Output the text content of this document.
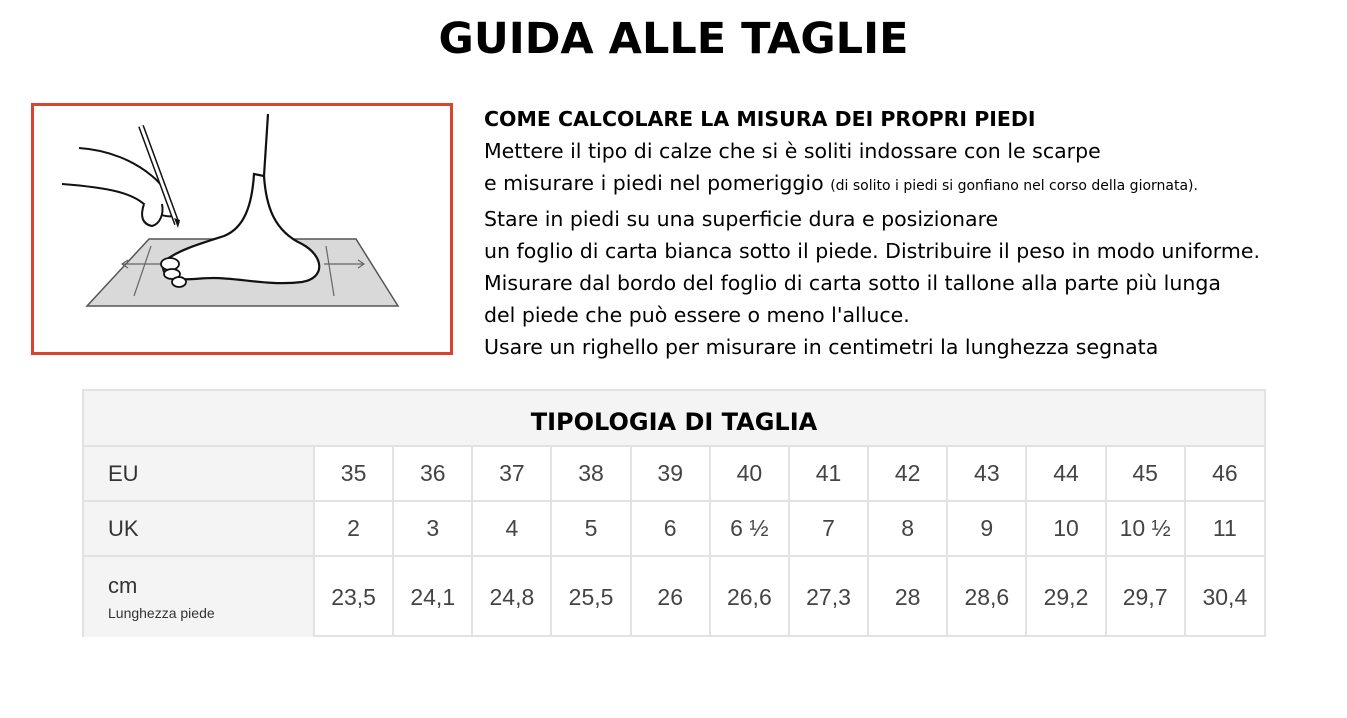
GUIDA ALLE TAGLIE
COME CALCOLARE LA MISURA DEI PROPRI PIEDI
Mettere il tipo di calze che si è soliti indossare con le scarpe
e misurare i piedi nel pomeriggio (di solito i piedi si gonfiano nel corso della giornata).
Stare in piedi su una superficie dura e posizionare
un foglio di carta bianca sotto il piede. Distribuire il peso in modo uniforme.
Misurare dal bordo del foglio di carta sotto il tallone alla parte più lunga
del piede che può essere o meno l'alluce.
Usare un righello per misurare in centimetri la lunghezza segnata
TIPOLOGIA DI TAGLIA
EU	35	36	37	38	39	40	41	42	43	44	45	46
UK	2	3	4	5	6	6 ½	7	8	9	10	10 ½	11
cm
Lunghezza piede	23,5	24,1	24,8	25,5	26	26,6	27,3	28	28,6	29,2	29,7	30,4
